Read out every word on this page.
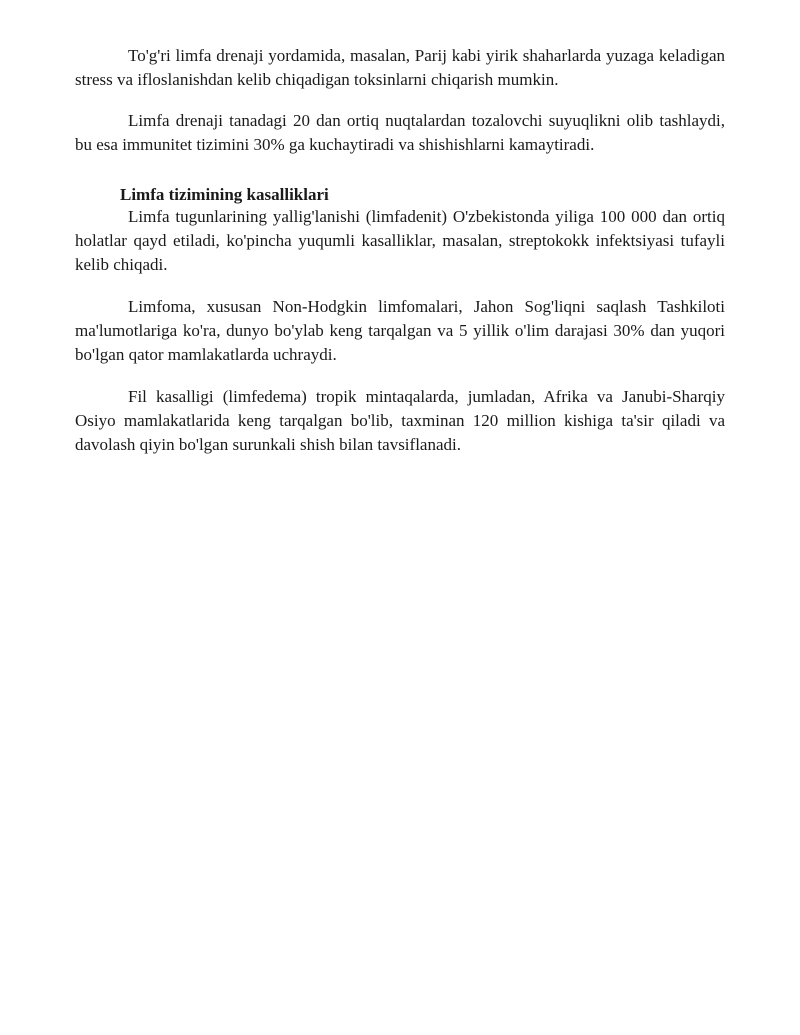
To'g'ri limfa drenaji yordamida, masalan, Parij kabi yirik shaharlarda yuzaga keladigan stress va ifloslanishdan kelib chiqadigan toksinlarni chiqarish mumkin.

Limfa drenaji tanadagi 20 dan ortiq nuqtalardan tozalovchi suyuqlikni olib tashlaydi, bu esa immunitet tizimini 30% ga kuchaytiradi va shishishlarni kamaytiradi.

Limfa tizimining kasalliklari

Limfa tugunlarining yallig'lanishi (limfadenit) O'zbekistonda yiliga 100 000 dan ortiq holatlar qayd etiladi, ko'pincha yuqumli kasalliklar, masalan, streptokokk infektsiyasi tufayli kelib chiqadi.

Limfoma, xususan Non-Hodgkin limfomalari, Jahon Sog'liqni saqlash Tashkiloti ma'lumotlariga ko'ra, dunyo bo'ylab keng tarqalgan va 5 yillik o'lim darajasi 30% dan yuqori bo'lgan qator mamlakatlarda uchraydi.

Fil kasalligi (limfedema) tropik mintaqalarda, jumladan, Afrika va Janubi-Sharqiy Osiyo mamlakatlarida keng tarqalgan bo'lib, taxminan 120 million kishiga ta'sir qiladi va davolash qiyin bo'lgan surunkali shish bilan tavsiflanadi.
